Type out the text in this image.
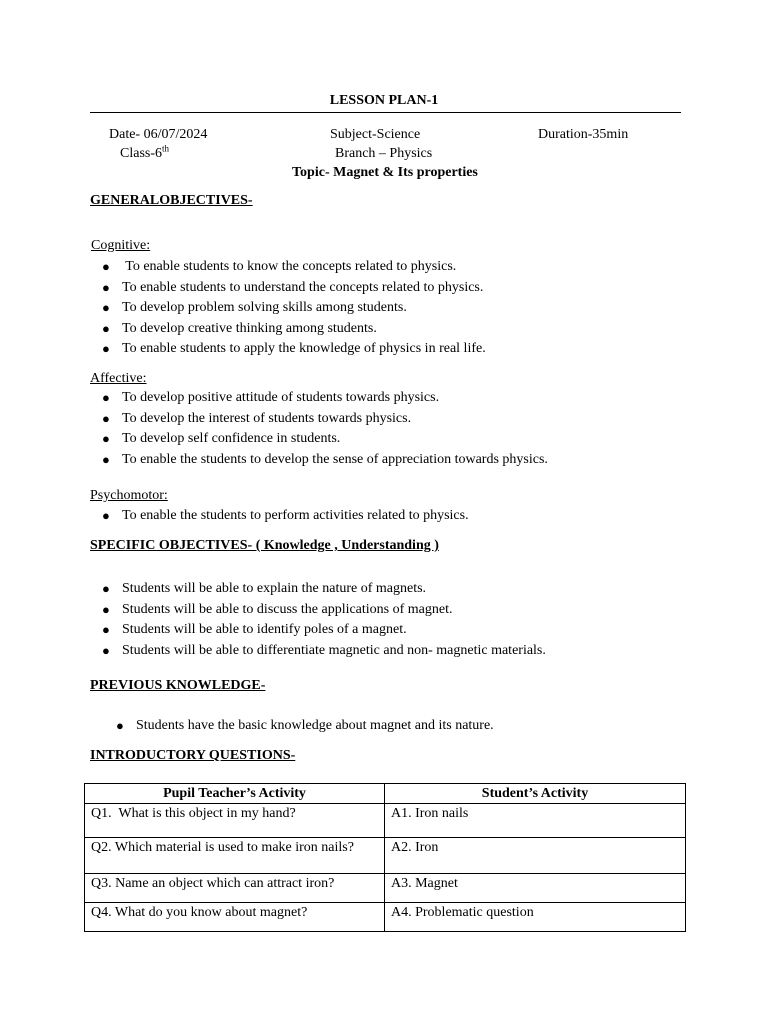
LESSON PLAN-1
Date- 06/07/2024
Class-6th
Subject-Science
Branch – Physics
Duration-35min
Topic- Magnet & Its properties
GENERALOBJECTIVES-
Cognitive:
● To enable students to know the concepts related to physics.
● To enable students to understand the concepts related to physics.
● To develop problem solving skills among students.
● To develop creative thinking among students.
● To enable students to apply the knowledge of physics in real life.
Affective:
● To develop positive attitude of students towards physics.
● To develop the interest of students towards physics.
● To develop self confidence in students.
● To enable the students to develop the sense of appreciation towards physics.
Psychomotor:
● To enable the students to perform activities related to physics.
SPECIFIC OBJECTIVES- ( Knowledge , Understanding )
● Students will be able to explain the nature of magnets.
● Students will be able to discuss the applications of magnet.
● Students will be able to identify poles of a magnet.
● Students will be able to differentiate magnetic and non- magnetic materials.
PREVIOUS KNOWLEDGE-
● Students have the basic knowledge about magnet and its nature.
INTRODUCTORY QUESTIONS-
Pupil Teacher’s Activity	Student’s Activity
Q1.  What is this object in my hand?	A1. Iron nails
Q2. Which material is used to make iron nails?	A2. Iron
Q3. Name an object which can attract iron?	A3. Magnet
Q4. What do you know about magnet?	A4. Problematic question
